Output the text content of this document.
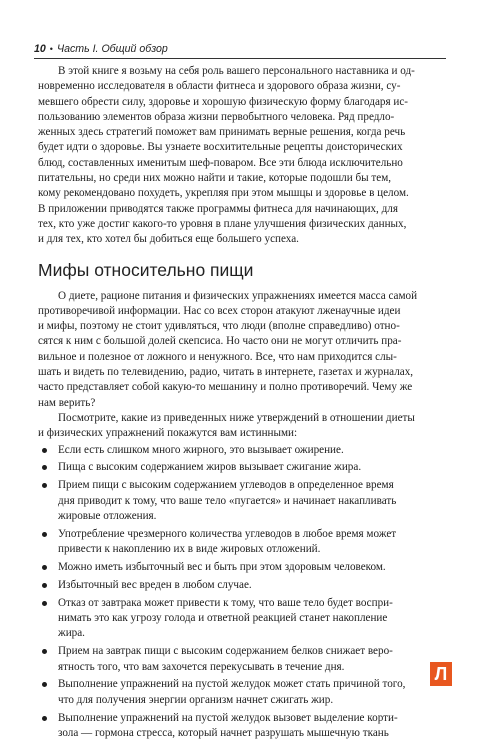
10 • Часть I. Общий обзор

В этой книге я возьму на себя роль вашего персонального наставника и од-
новременно исследователя в области фитнеса и здорового образа жизни, су-
мевшего обрести силу, здоровье и хорошую физическую форму благодаря ис-
пользованию элементов образа жизни первобытного человека. Ряд предло-
женных здесь стратегий поможет вам принимать верные решения, когда речь
будет идти о здоровье. Вы узнаете восхитительные рецепты доисторических
блюд, составленных именитым шеф-поваром. Все эти блюда исключительно
питательны, но среди них можно найти и такие, которые подошли бы тем,
кому рекомендовано похудеть, укрепляя при этом мышцы и здоровье в целом.
В приложении приводятся также программы фитнеса для начинающих, для
тех, кто уже достиг какого-то уровня в плане улучшения физических данных,
и для тех, кто хотел бы добиться еще большего успеха.

Мифы относительно пищи

О диете, рационе питания и физических упражнениях имеется масса самой
противоречивой информации. Нас со всех сторон атакуют лженаучные идеи
и мифы, поэтому не стоит удивляться, что люди (вполне справедливо) отно-
сятся к ним с большой долей скепсиса. Но часто они не могут отличить пра-
вильное и полезное от ложного и ненужного. Все, что нам приходится слы-
шать и видеть по телевидению, радио, читать в интернете, газетах и журналах,
часто представляет собой какую-то мешанину и полно противоречий. Чему же
нам верить?

Посмотрите, какие из приведенных ниже утверждений в отношении диеты
и физических упражнений покажутся вам истинными:

Если есть слишком много жирного, это вызывает ожирение.
Пища с высоким содержанием жиров вызывает сжигание жира.
Прием пищи с высоким содержанием углеводов в определенное время
дня приводит к тому, что ваше тело «пугается» и начинает накапливать
жировые отложения.
Употребление чрезмерного количества углеводов в любое время может
привести к накоплению их в виде жировых отложений.
Можно иметь избыточный вес и быть при этом здоровым человеком.
Избыточный вес вреден в любом случае.
Отказ от завтрака может привести к тому, что ваше тело будет воспри-
нимать это как угрозу голода и ответной реакцией станет накопление
жира.
Прием на завтрак пищи с высоким содержанием белков снижает веро-
ятность того, что вам захочется перекусывать в течение дня.
Выполнение упражнений на пустой желудок может стать причиной того,
что для получения энергии организм начнет сжигать жир.
Выполнение упражнений на пустой желудок вызовет выделение корти-
зола — гормона стресса, который начнет разрушать мышечную ткань
Л
